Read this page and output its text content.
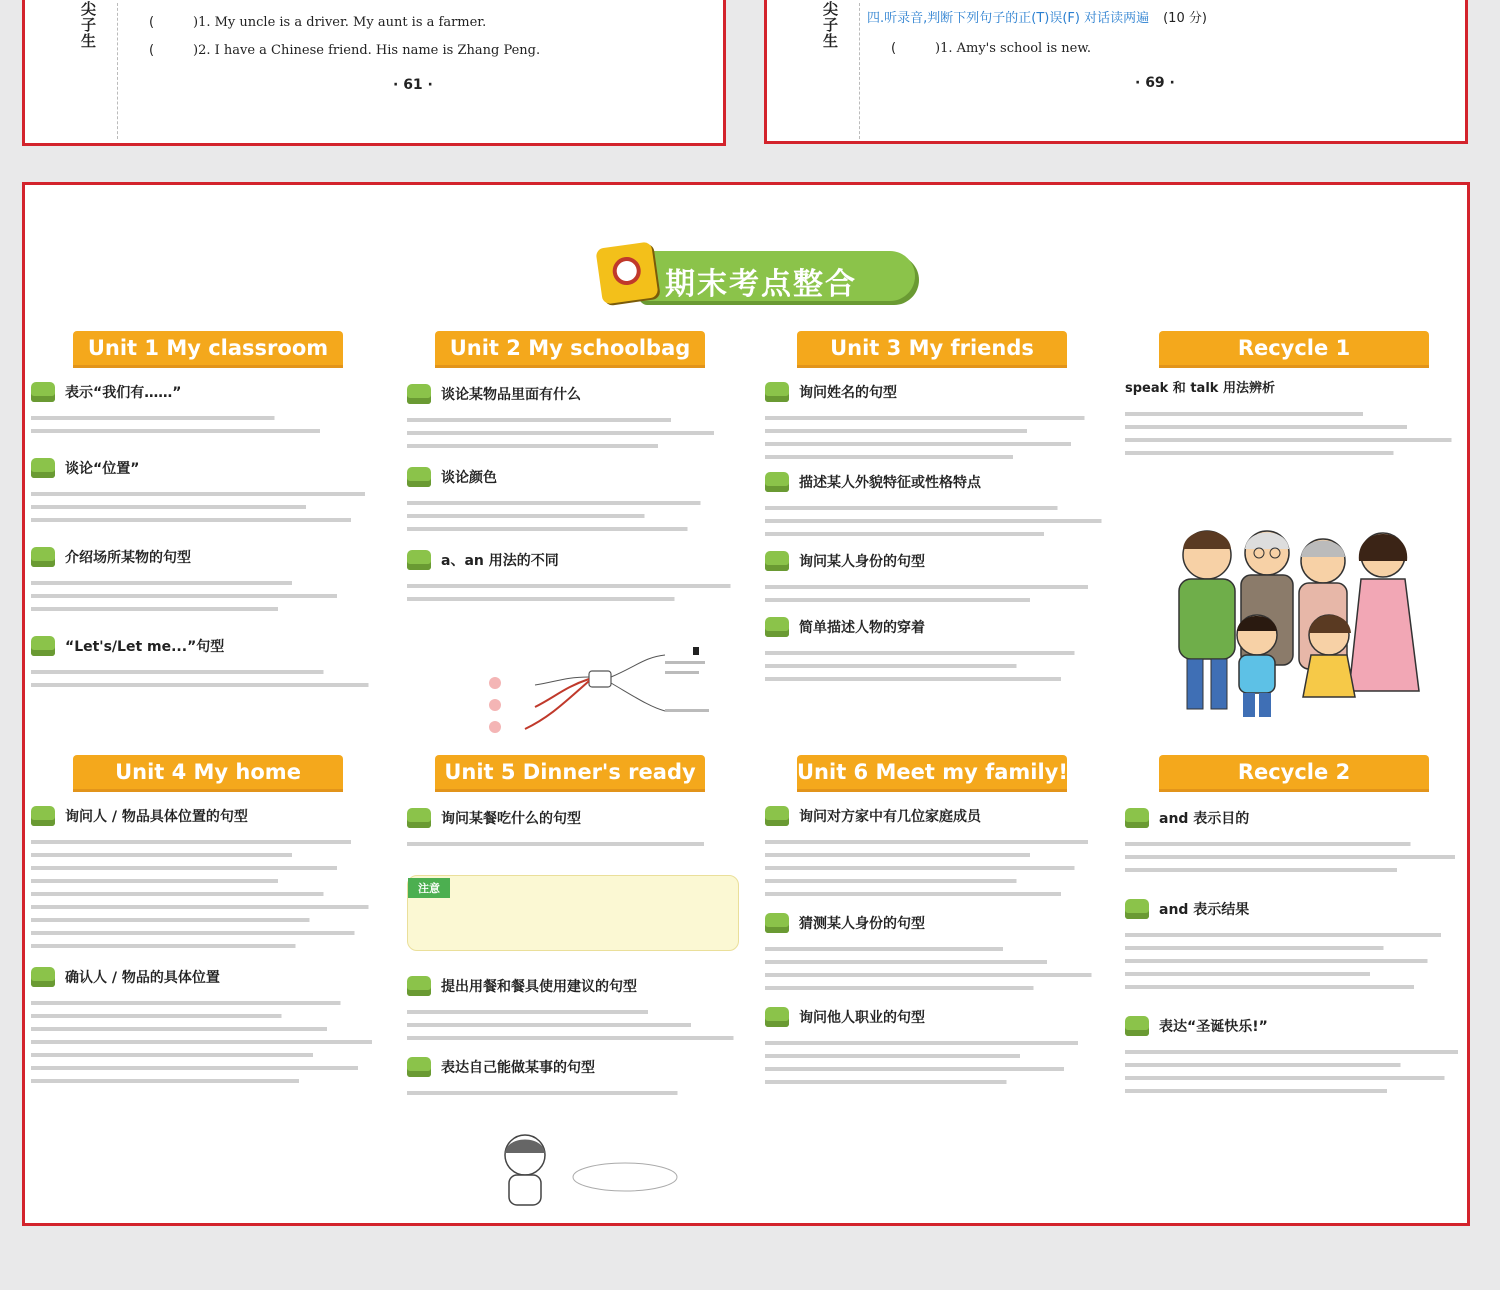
尖子生
(	)1. My uncle is a driver. My aunt is a farmer.
(	)2. I have a Chinese friend. His name is Zhang Peng.
· 61 ·
尖子生
四.听录音,判断下列句子的正(T)误(F) 对话读两遍 (10 分)
(	)1. Amy's school is new.
· 69 ·
期末考点整合
Unit 1 My classroom	Unit 2 My schoolbag	Unit 3 My friends	Recycle 1
Unit 4 My home	Unit 5 Dinner's ready	Unit 6 Meet my family!	Recycle 2
表示“我们有……”

谈论“位置”

介绍场所某物的句型

“Let's/Let me...”句型

谈论某物品里面有什么

谈论颜色

a、an 用法的不同

询问姓名的句型

描述某人外貌特征或性格特点

询问某人身份的句型

简单描述人物的穿着

speak 和 talk 用法辨析

询问人 / 物品具体位置的句型

确认人 / 物品的具体位置

询问某餐吃什么的句型

注意

提出用餐和餐具使用建议的句型

表达自己能做某事的句型

询问对方家中有几位家庭成员

猜测某人身份的句型

询问他人职业的句型

and 表示目的

and 表示结果

表达“圣诞快乐!”
